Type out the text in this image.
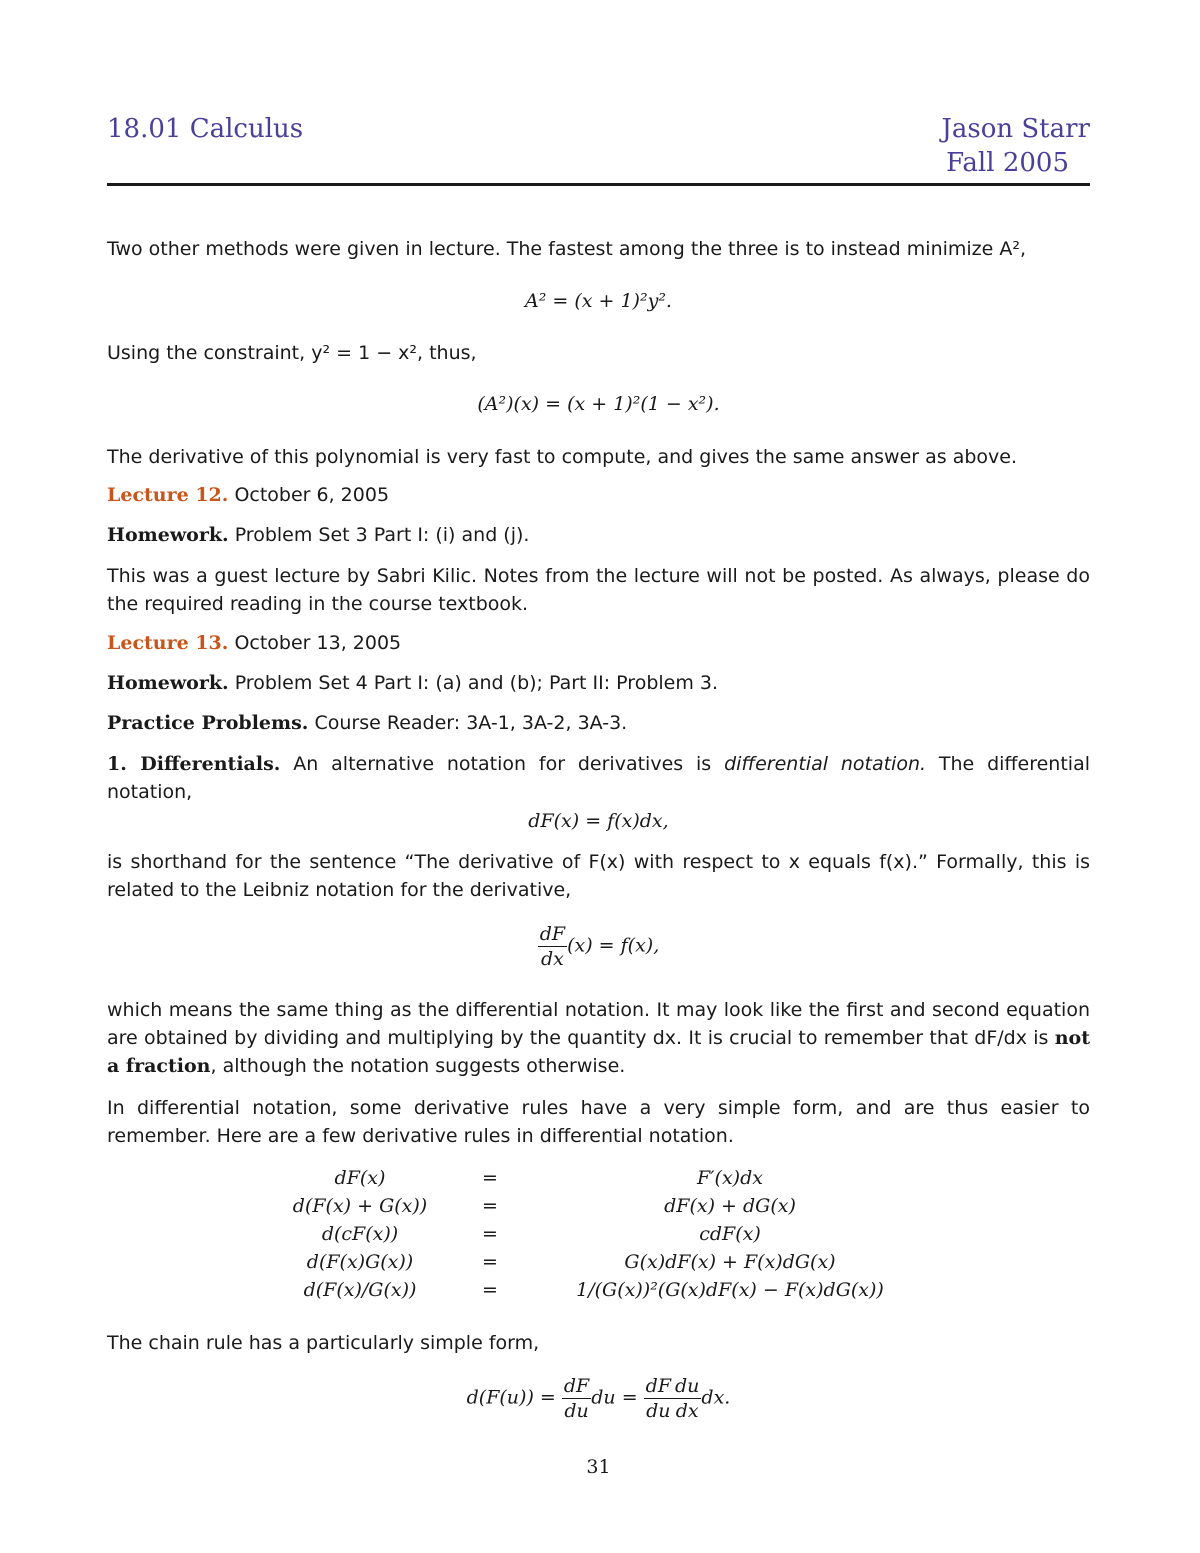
18.01 Calculus	Jason Starr
Fall 2005
Two other methods were given in lecture. The fastest among the three is to instead minimize A²,
A² = (x + 1)²y².
Using the constraint, y² = 1 − x², thus,
(A²)(x) = (x + 1)²(1 − x²).
The derivative of this polynomial is very fast to compute, and gives the same answer as above.
Lecture 12. October 6, 2005
Homework. Problem Set 3 Part I: (i) and (j).
This was a guest lecture by Sabri Kilic. Notes from the lecture will not be posted. As always, please do the required reading in the course textbook.
Lecture 13. October 13, 2005
Homework. Problem Set 4 Part I: (a) and (b); Part II: Problem 3.
Practice Problems. Course Reader: 3A-1, 3A-2, 3A-3.
1. Differentials. An alternative notation for derivatives is differential notation. The differential notation,
dF(x) = f(x)dx,
is shorthand for the sentence “The derivative of F(x) with respect to x equals f(x).” Formally, this is related to the Leibniz notation for the derivative,
$\frac{dF}{dx} (x) = f(x)$,
which means the same thing as the differential notation. It may look like the first and second equation are obtained by dividing and multiplying by the quantity dx. It is crucial to remember that dF/dx is not a fraction, although the notation suggests otherwise.
In differential notation, some derivative rules have a very simple form, and are thus easier to remember. Here are a few derivative rules in differential notation.
dF(x)	=	F′(x)dx
d(F(x) + G(x))	=	dF(x) + dG(x)
d(cF(x))	=	cdF(x)
d(F(x)G(x))	=	G(x)dF(x) + F(x)dG(x)
d(F(x)/G(x))	=	1/(G(x))²(G(x)dF(x) − F(x)dG(x))
The chain rule has a particularly simple form,
$d(F(u)) = \frac{dF}{du}$ du = $\frac{dF}{du} \frac{du}{dx}$ dx.
31
